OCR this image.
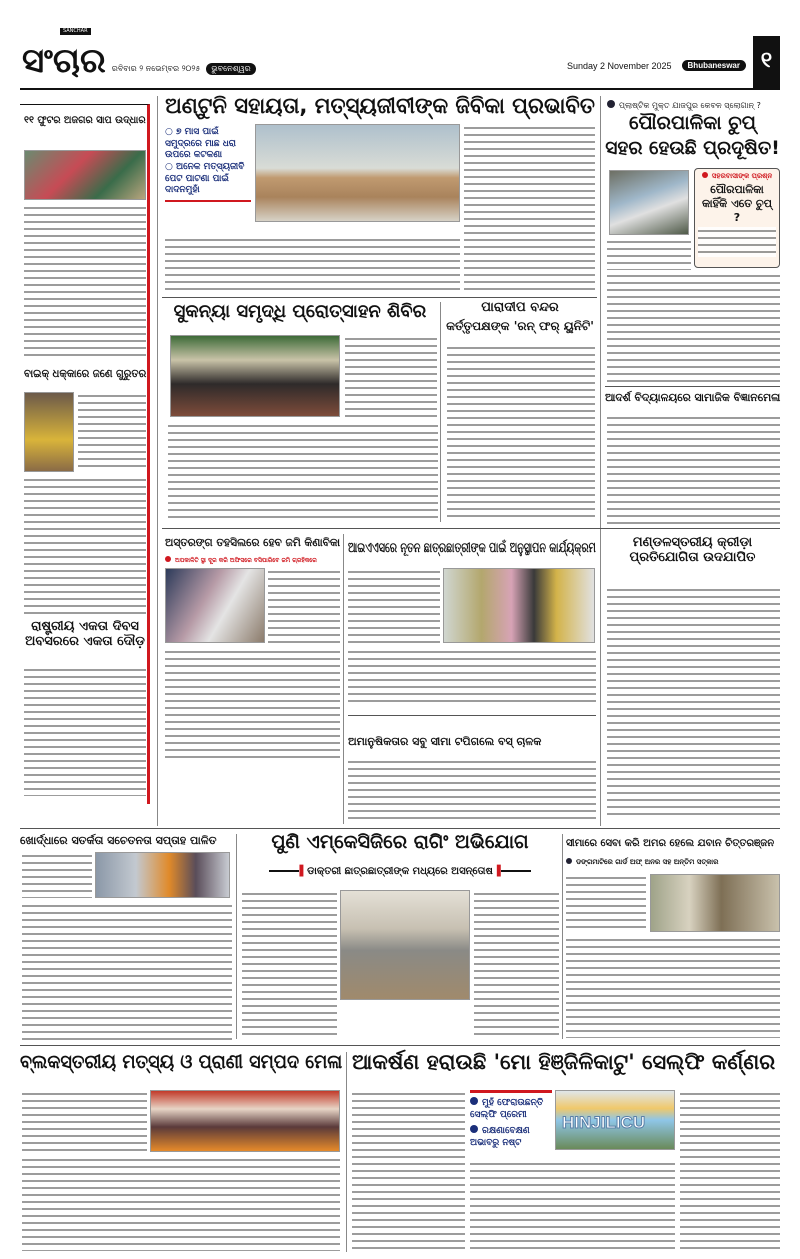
SANCHAR
ସଂଚାର ରବିବାର ୨ ନଭେମ୍ବର ୨୦୨୫	ଭୁବନେଶ୍ୱର	Sunday 2 November 2025	Bhubaneswar ୧
୧୧ ଫୁଟର ଅଜଗର ସାପ ଉଦ୍ଧାର
ବାଇକ୍ ଧକ୍କାରେ ଜଣେ ଗୁରୁତର
ରାଷ୍ଟ୍ରୀୟ ଏକତା ଦିବସ ଅବସରରେ ଏକତା ଦୌଡ଼
ଅଣ୍ଟୁନି ସହାୟତା, ମତ୍ସ୍ୟଜୀବୀଙ୍କ ଜିବିକା ପ୍ରଭାବିତ
○ ୭ ମାସ ପାଇଁ ସମୁଦ୍ରରେ ମାଛ ଧରା ଉପରେ କଟକଣା
○ ଅନେକ ମତ୍ସ୍ୟଜୀବି ପେଟ ପାଟଣା ପାଇଁ ଦାଦନମୁହାଁ
ପ୍ଲାଷ୍ଟିକ ମୁକ୍ତ ଯାଜପୁର କେବଳ ସ୍ଲୋଗାନ୍ ?
ପୌରପାଳିକା ଚୁପ୍
ସହର ହେଉଛି ପ୍ରଦୂଷିତ!
ସହରବାସୀଙ୍କ ପ୍ରଶ୍ନ
ପୌରପାଳିକା କାହିଁକି ଏତେ ଚୁପ୍ ?
ଆଦର୍ଶ ବିଦ୍ୟାଳୟରେ ସାମାଜିକ ବିଜ୍ଞାନମେଳା
ସୁକନ୍ୟା ସମୃଦ୍ଧି ପ୍ରୋତ୍ସାହନ ଶିବିର	ପାରାଦୀପ ବନ୍ଦର
କର୍ତ୍ତୃପକ୍ଷଙ୍କ 'ରନ୍ ଫର୍ ୟୁନିଟି'
ଅସ୍ତରଙ୍ଗ ତହସିଲରେ ହେବ ଜମି କିଣାବିକା
ଅପକାଳିତି ସ୍ଥା ଦୂର କରି ଅଫିସରେ ବସିପାରିବେ ଜମି ଗ୍ରହିକରେ
ଆଇଏଏସରେ ନୂତନ ଛାତ୍ରଛାତ୍ରୀଙ୍କ ପାଇଁ ଅନୁସ୍ଥାପନ କାର୍ଯ୍ୟକ୍ରମ
ଅମାନୁଷିକତାର ସବୁ ସୀମା ଟପିଗଲେ ବସ୍ ଚାଳକ
ମଣ୍ଡଳସ୍ତରୀୟ କ୍ରୀଡ଼ା ପ୍ରତିଯୋଗିତା ଉଦଯାପିତ
ଖୋର୍ଦ୍ଧାରେ ସତର୍କତା ସଚେତନତା ସପ୍ତାହ ପାଳିତ	ପୁଣି ଏମ୍କେସିଜିରେ ରାଗିଂ ଅଭିଯୋଗ
▌ଡାକ୍ତରୀ ଛାତ୍ରଛାତ୍ରୀଙ୍କ ମଧ୍ୟରେ ଅସନ୍ତୋଷ▐
ସୀମାରେ ସେବା କରି ଅମର ହେଲେ ଯବାନ ଚିତ୍ତରଞ୍ଜନ
ଡଙ୍ଗମାଟିରେ ଗାର୍ଡ ଅଫ୍ ଅନର ସହ ଅନ୍ତିମ ସତ୍କାର
ବ୍ଲକସ୍ତରୀୟ ମତ୍ସ୍ୟ ଓ ପ୍ରାଣୀ ସମ୍ପଦ ମେଳା ଆକର୍ଷଣ ହରାଉଛି 'ମୋ ହିଞ୍ଜିଳିକାଟୁ' ସେଲ୍ଫି କର୍ଣ୍ଣର
ମୁହଁ ଫେରାଉଛନ୍ତି ସେଲ୍ଫି ପ୍ରେମୀ
ରକ୍ଷଣାବେକ୍ଷଣ ଅଭାବରୁ ନଷ୍ଟ
HINJILICU
